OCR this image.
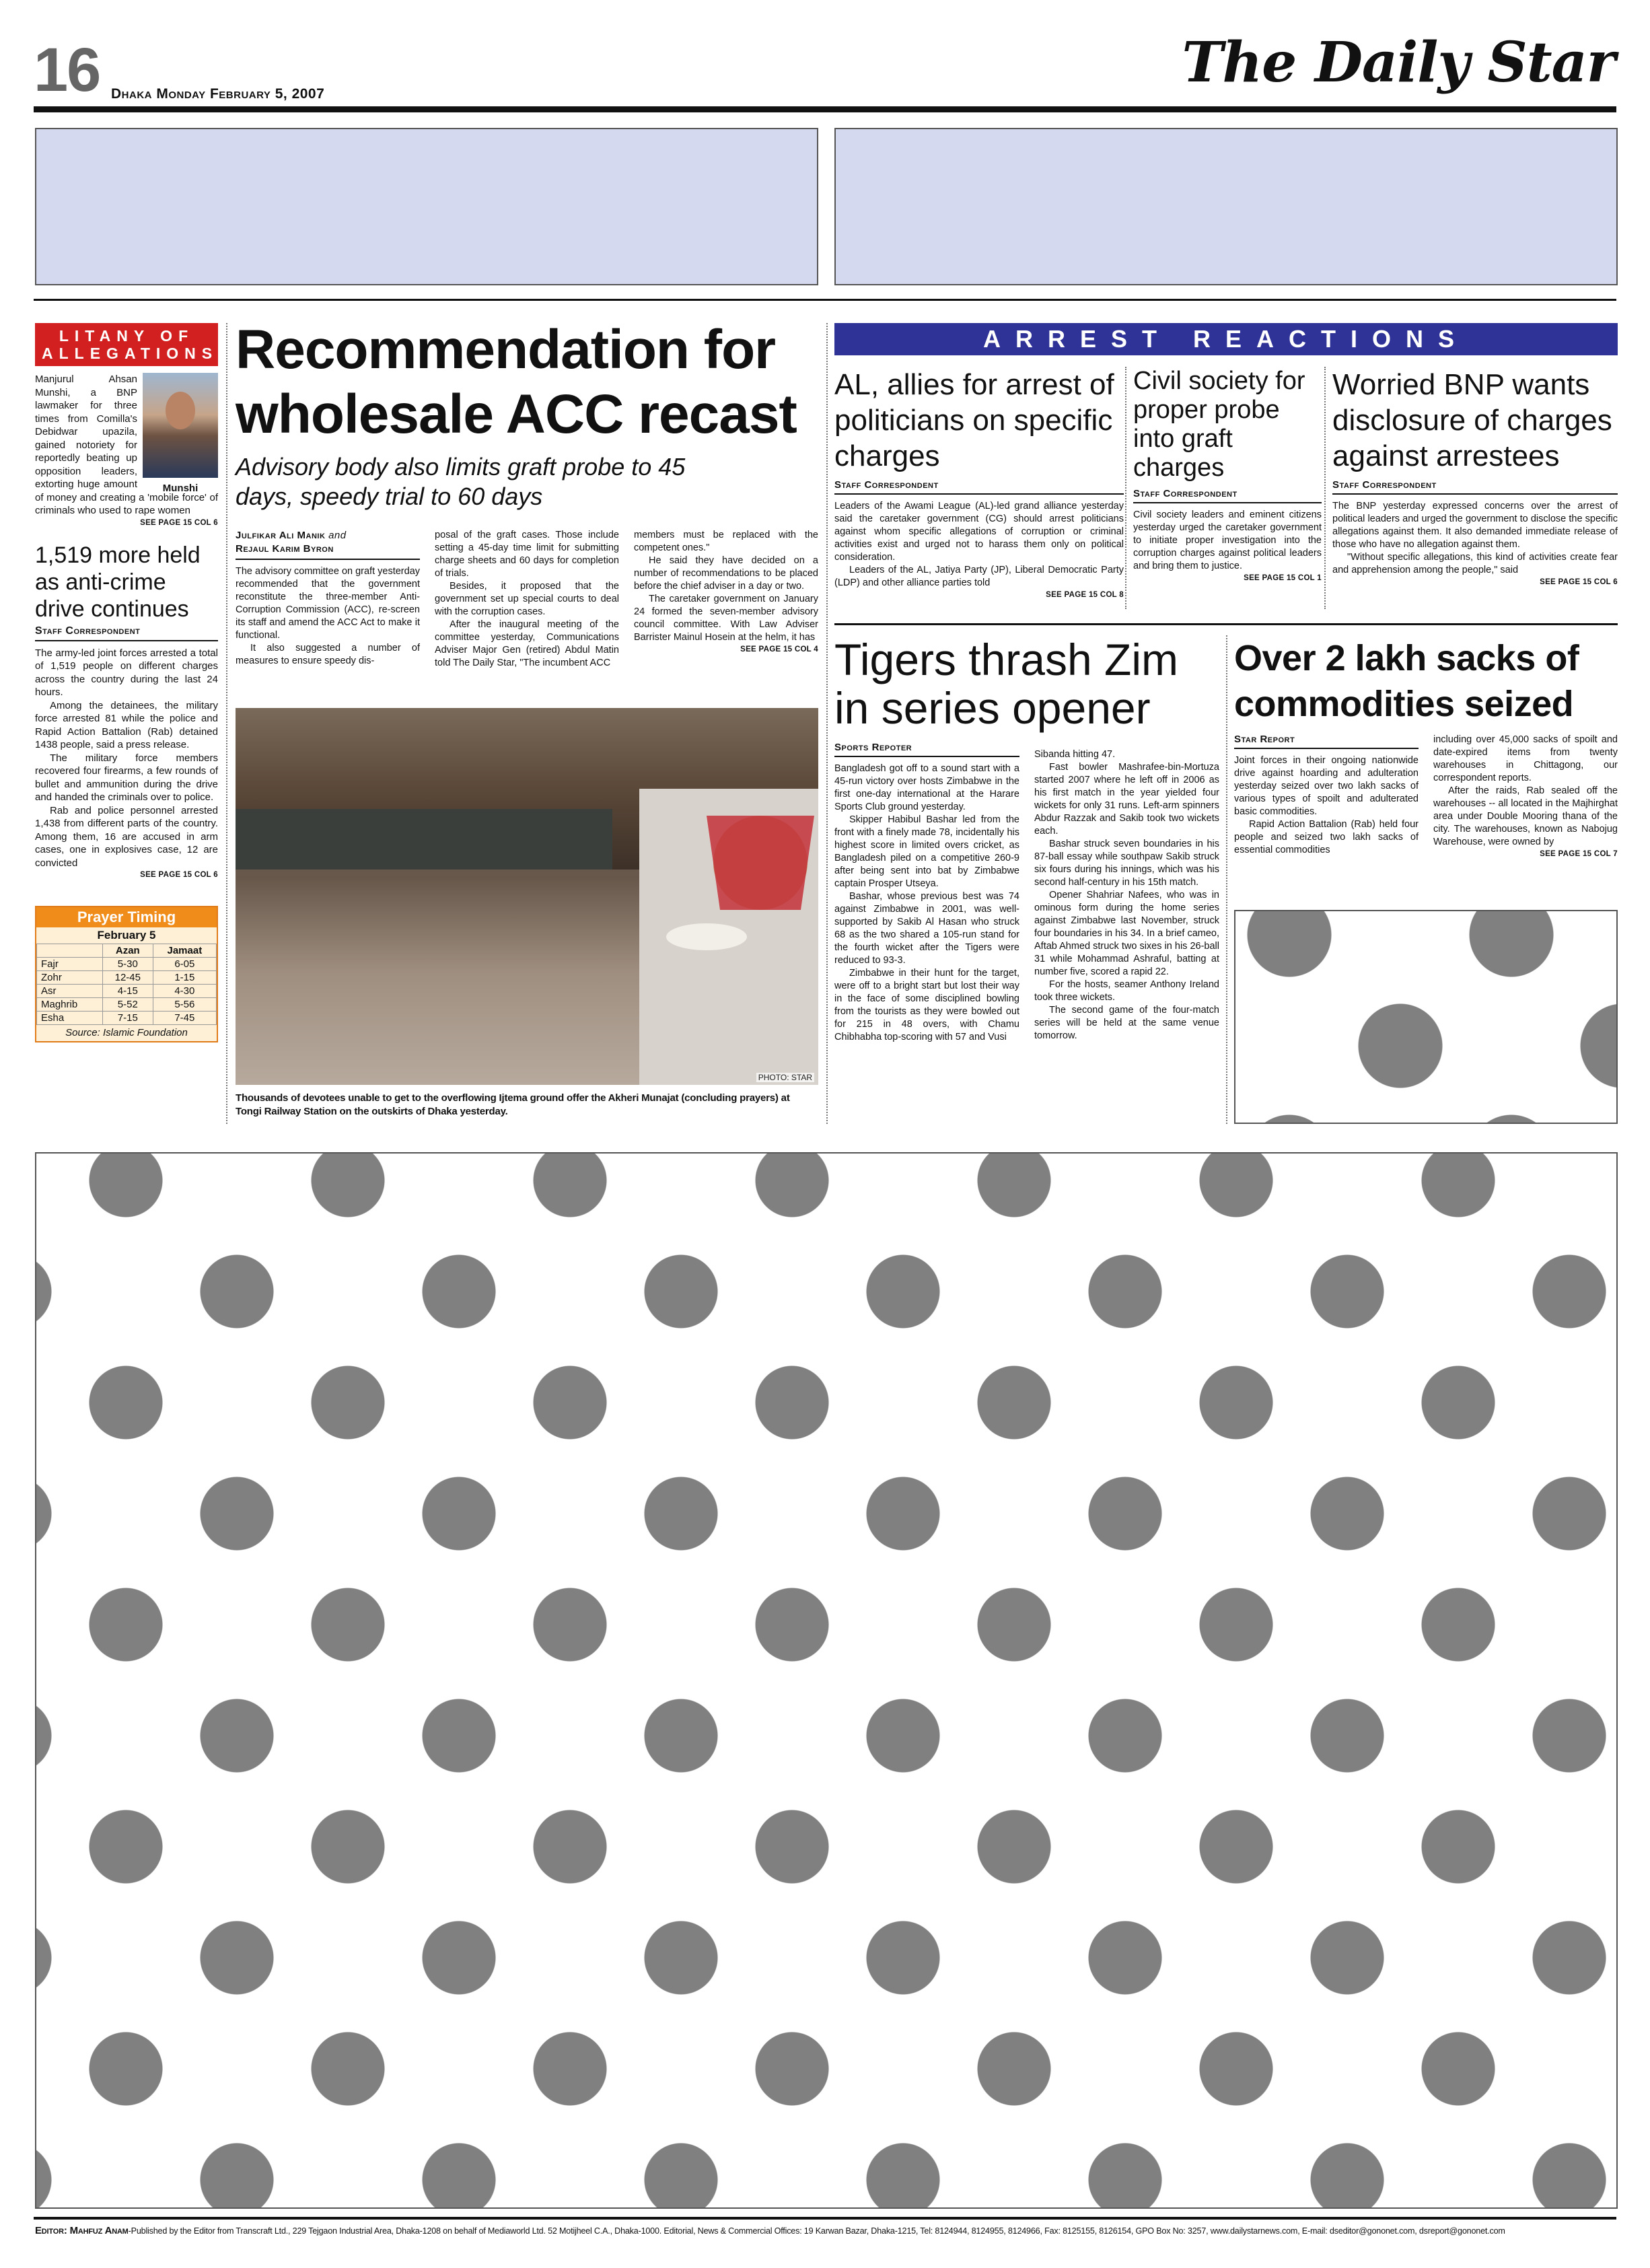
16 Dhaka Monday February 5, 2007	The Daily Star
LITANY OF ALLEGATIONS
Munshi
Manjurul Ahsan Munshi, a BNP lawmaker for three times from Comilla's Debidwar upazila, gained notoriety for reportedly beating up opposition leaders, extorting huge amount of money and creating a 'mobile force' of criminals who used to rape women
SEE PAGE 15 COL 6
1,519 more held as anti-crime drive continues
Staff Correspondent

The army-led joint forces arrested a total of 1,519 people on different charges across the country during the last 24 hours.

Among the detainees, the military force arrested 81 while the police and Rapid Action Battalion (Rab) detained 1438 people, said a press release.

The military force members recovered four firearms, a few rounds of bullet and ammunition during the drive and handed the criminals over to police.

Rab and police personnel arrested 1,438 from different parts of the country. Among them, 16 are accused in arm cases, one in explosives case, 12 are convicted

SEE PAGE 15 COL 6
Prayer Timing
February 5
	Azan	Jamaat
Fajr	5-30	6-05
Zohr	12-45	1-15
Asr	4-15	4-30
Maghrib	5-52	5-56
Esha	7-15	7-45
Source: Islamic Foundation
Recommendation for wholesale ACC recast
Advisory body also limits graft probe to 45 days, speedy trial to 60 days
Julfikar Ali Manik and
Rejaul Karim Byron

The advisory committee on graft yesterday recommended that the government reconstitute the three-member Anti-Corruption Commission (ACC), re-screen its staff and amend the ACC Act to make it functional.

It also suggested a number of measures to ensure speedy dis-

posal of the graft cases. Those include setting a 45-day time limit for submitting charge sheets and 60 days for completion of trials.

Besides, it proposed that the government set up special courts to deal with the corruption cases.

After the inaugural meeting of the committee yesterday, Communications Adviser Major Gen (retired) Abdul Matin told The Daily Star, "The incumbent ACC

members must be replaced with the competent ones."

He said they have decided on a number of recommendations to be placed before the chief adviser in a day or two.

The caretaker government on January 24 formed the seven-member advisory council committee. With Law Adviser Barrister Mainul Hosein at the helm, it has

SEE PAGE 15 COL 4
PHOTO: STAR
Thousands of devotees unable to get to the overflowing Ijtema ground offer the Akheri Munajat (concluding prayers) at Tongi Railway Station on the outskirts of Dhaka yesterday.
ARREST REACTIONS
AL, allies for arrest of politicians on specific charges
Staff Correspondent

Leaders of the Awami League (AL)-led grand alliance yesterday said the caretaker government (CG) should arrest politicians against whom specific allegations of corruption or criminal activities exist and urged not to harass them only on political consideration.

Leaders of the AL, Jatiya Party (JP), Liberal Democratic Party (LDP) and other alliance parties told

SEE PAGE 15 COL 8
Civil society for proper probe into graft charges
Staff Correspondent

Civil society leaders and eminent citizens yesterday urged the caretaker government to initiate proper investigation into the corruption charges against political leaders and bring them to justice.

SEE PAGE 15 COL 1
Worried BNP wants disclosure of charges against arrestees
Staff Correspondent

The BNP yesterday expressed concerns over the arrest of political leaders and urged the government to disclose the specific allegations against them. It also demanded immediate release of those who have no allegation against them.

"Without specific allegations, this kind of activities create fear and apprehension among the people," said

SEE PAGE 15 COL 6
Tigers thrash Zim in series opener
Sports Repoter

Bangladesh got off to a sound start with a 45-run victory over hosts Zimbabwe in the first one-day international at the Harare Sports Club ground yesterday.

Skipper Habibul Bashar led from the front with a finely made 78, incidentally his highest score in limited overs cricket, as Bangladesh piled on a competitive 260-9 after being sent into bat by Zimbabwe captain Prosper Utseya.

Bashar, whose previous best was 74 against Zimbabwe in 2001, was well-supported by Sakib Al Hasan who struck 68 as the two shared a 105-run stand for the fourth wicket after the Tigers were reduced to 93-3.

Zimbabwe in their hunt for the target, were off to a bright start but lost their way in the face of some disciplined bowling from the tourists as they were bowled out for 215 in 48 overs, with Chamu Chibhabha top-scoring with 57 and Vusi

Sibanda hitting 47.

Fast bowler Mashrafee-bin-Mortuza started 2007 where he left off in 2006 as his first match in the year yielded four wickets for only 31 runs. Left-arm spinners Abdur Razzak and Sakib took two wickets each.

Bashar struck seven boundaries in his 87-ball essay while southpaw Sakib struck six fours during his innings, which was his second half-century in his 15th match.

Opener Shahriar Nafees, who was in ominous form during the home series against Zimbabwe last November, struck four boundaries in his 34. In a brief cameo, Aftab Ahmed struck two sixes in his 26-ball 31 while Mohammad Ashraful, batting at number five, scored a rapid 22.

For the hosts, seamer Anthony Ireland took three wickets.

The second game of the four-match series will be held at the same venue tomorrow.

Over 2 lakh sacks of commodities seized
Star Report

Joint forces in their ongoing nationwide drive against hoarding and adulteration yesterday seized over two lakh sacks of various types of spoilt and adulterated basic commodities.

Rapid Action Battalion (Rab) held four people and seized two lakh sacks of essential commodities

including over 45,000 sacks of spoilt and date-expired items from twenty warehouses in Chittagong, our correspondent reports.

After the raids, Rab sealed off the warehouses -- all located in the Majhirghat area under Double Mooring thana of the city. The warehouses, known as Nabojug Warehouse, were owned by

SEE PAGE 15 COL 7
Editor: Mahfuz Anam-Published by the Editor from Transcraft Ltd., 229 Tejgaon Industrial Area, Dhaka-1208 on behalf of Mediaworld Ltd. 52 Motijheel C.A., Dhaka-1000. Editorial, News & Commercial Offices: 19 Karwan Bazar, Dhaka-1215, Tel: 8124944, 8124955, 8124966, Fax: 8125155, 8126154, GPO Box No: 3257, www.dailystarnews.com, E-mail: dseditor@gononet.com, dsreport@gononet.com
